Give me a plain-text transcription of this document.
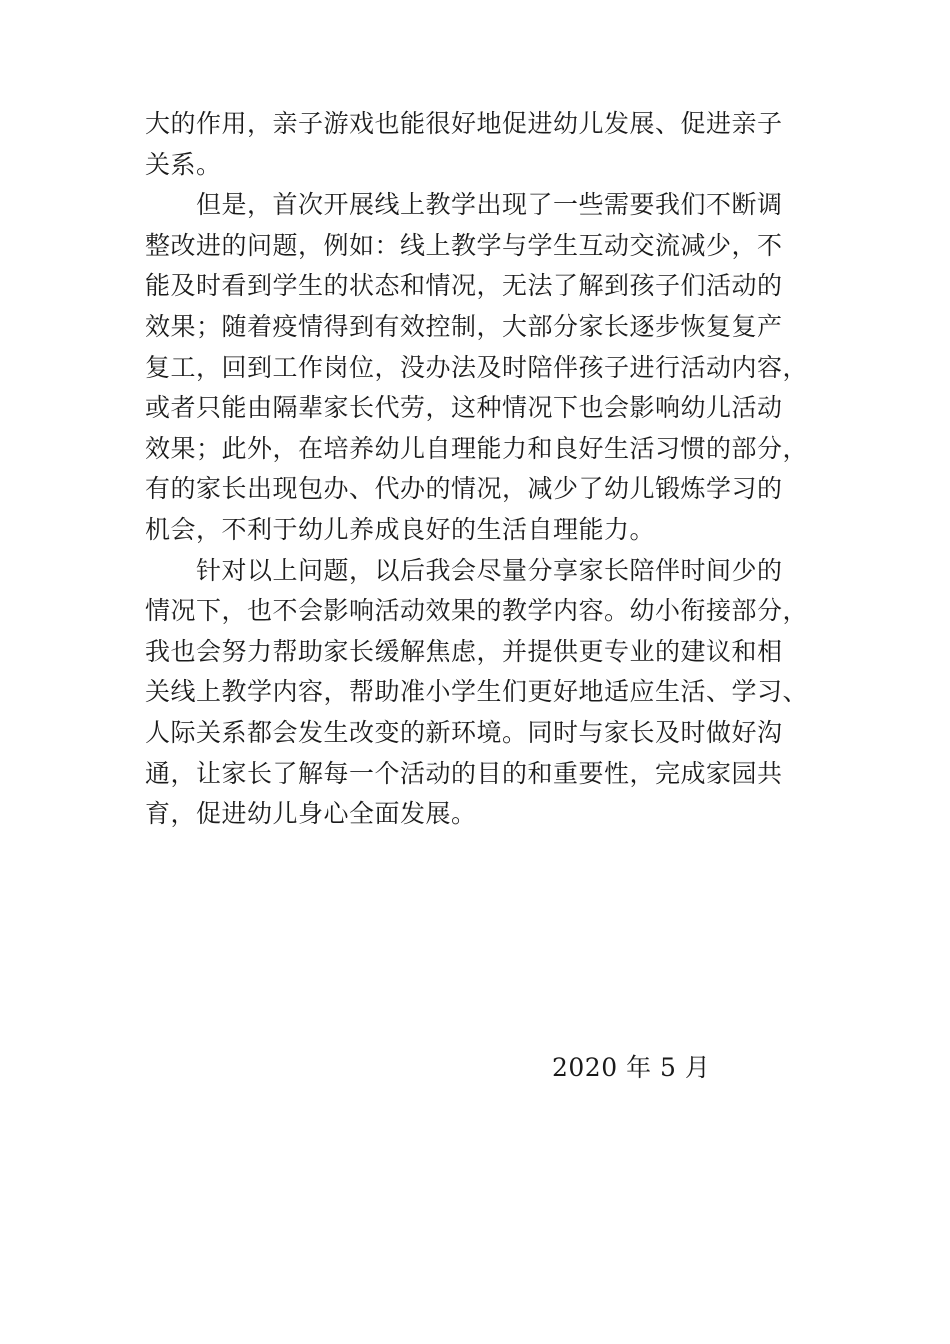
大的作用，亲子游戏也能很好地促进幼儿发展、促进亲子
关系。
但是，首次开展线上教学出现了一些需要我们不断调
整改进的问题，例如：线上教学与学生互动交流减少，不
能及时看到学生的状态和情况，无法了解到孩子们活动的
效果；随着疫情得到有效控制，大部分家长逐步恢复复产
复工，回到工作岗位，没办法及时陪伴孩子进行活动内容，
或者只能由隔辈家长代劳，这种情况下也会影响幼儿活动
效果；此外，在培养幼儿自理能力和良好生活习惯的部分，
有的家长出现包办、代办的情况，减少了幼儿锻炼学习的
机会，不利于幼儿养成良好的生活自理能力。
针对以上问题，以后我会尽量分享家长陪伴时间少的
情况下，也不会影响活动效果的教学内容。幼小衔接部分，
我也会努力帮助家长缓解焦虑，并提供更专业的建议和相
关线上教学内容，帮助准小学生们更好地适应生活、学习、
人际关系都会发生改变的新环境。同时与家长及时做好沟
通，让家长了解每一个活动的目的和重要性，完成家园共
育，促进幼儿身心全面发展。
2020 年 5 月
